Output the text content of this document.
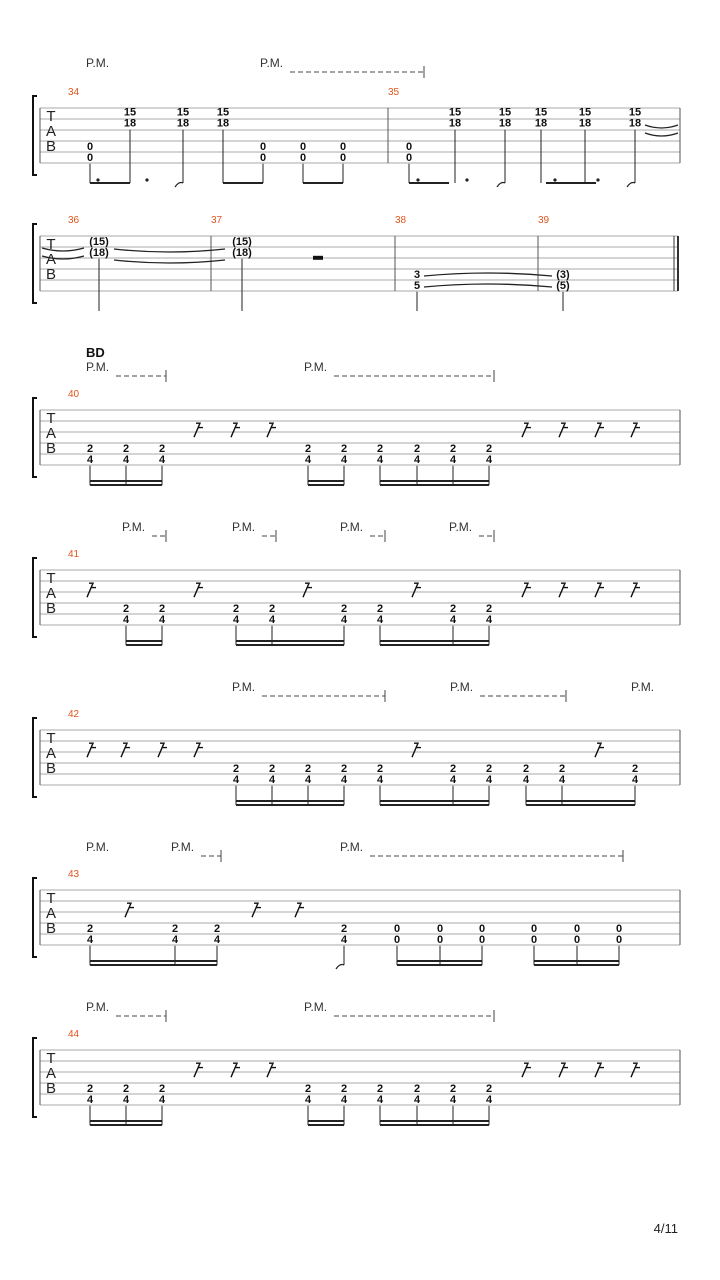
T
A
B
P.M.	P.M.
34
0
0
15
18
15
18
15
18
0
0
0
0
0
0
35
0
0
15
18
15
18
15
18
15
18
15
18
T
A
B
36
(15)
(18)
37
(15)
(18)
38
3
5
39
(3)
(5)
T
A
B
BD
P.M.	P.M.
40
2
4
2
4
2
4
2
4
2
4
2
4
2
4
2
4
2
4
T
A
B
P.M.	P.M.	P.M.	P.M.
41
2
4
2
4
2
4
2
4
2
4
2
4
2
4
2
4
T
A
B
P.M.	P.M.	P.M.
42
2
4
2
4
2
4
2
4
2
4
2
4
2
4
2
4
2
4
2
4
T
A
B
P.M.	P.M.	P.M.
43
2
4
2
4
2
4
2
4
0
0
0
0
0
0
0
0
0
0
0
0
T
A
B
P.M.	P.M.
44
2
4
2
4
2
4
2
4
2
4
2
4
2
4
2
4
2
4
4/11
